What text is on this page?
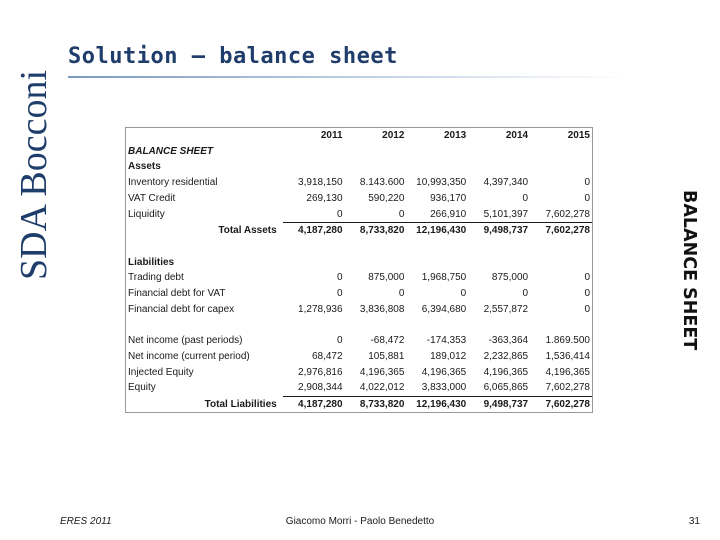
SDA Bocconi
Solution – balance sheet
BALANCE SHEET
	2011	2012	2013	2014	2015
BALANCE SHEET					
Assets					
Inventory residential	3,918,150	8.143.600	10,993,350	4,397,340	0
VAT Credit	269,130	590,220	936,170	0	0
Liquidity	0	0	266,910	5,101,397	7,602,278
Total Assets	4,187,280	8,733,820	12,196,430	9,498,737	7,602,278

Liabilities					
Trading debt	0	875,000	1,968,750	875,000	0
Financial debt for VAT	0	0	0	0	0
Financial debt for capex	1,278,936	3,836,808	6,394,680	2,557,872	0

Net income (past periods)	0	-68,472	-174,353	-363,364	1.869.500
Net income (current period)	68,472	105,881	189,012	2,232,865	1,536,414
Injected Equity	2,976,816	4,196,365	4,196,365	4,196,365	4,196,365
Equity	2,908,344	4,022,012	3,833,000	6,065,865	7,602,278
Total Liabilities	4,187,280	8,733,820	12,196,430	9,498,737	7,602,278
ERES 2011	Giacomo Morri - Paolo Benedetto	31
